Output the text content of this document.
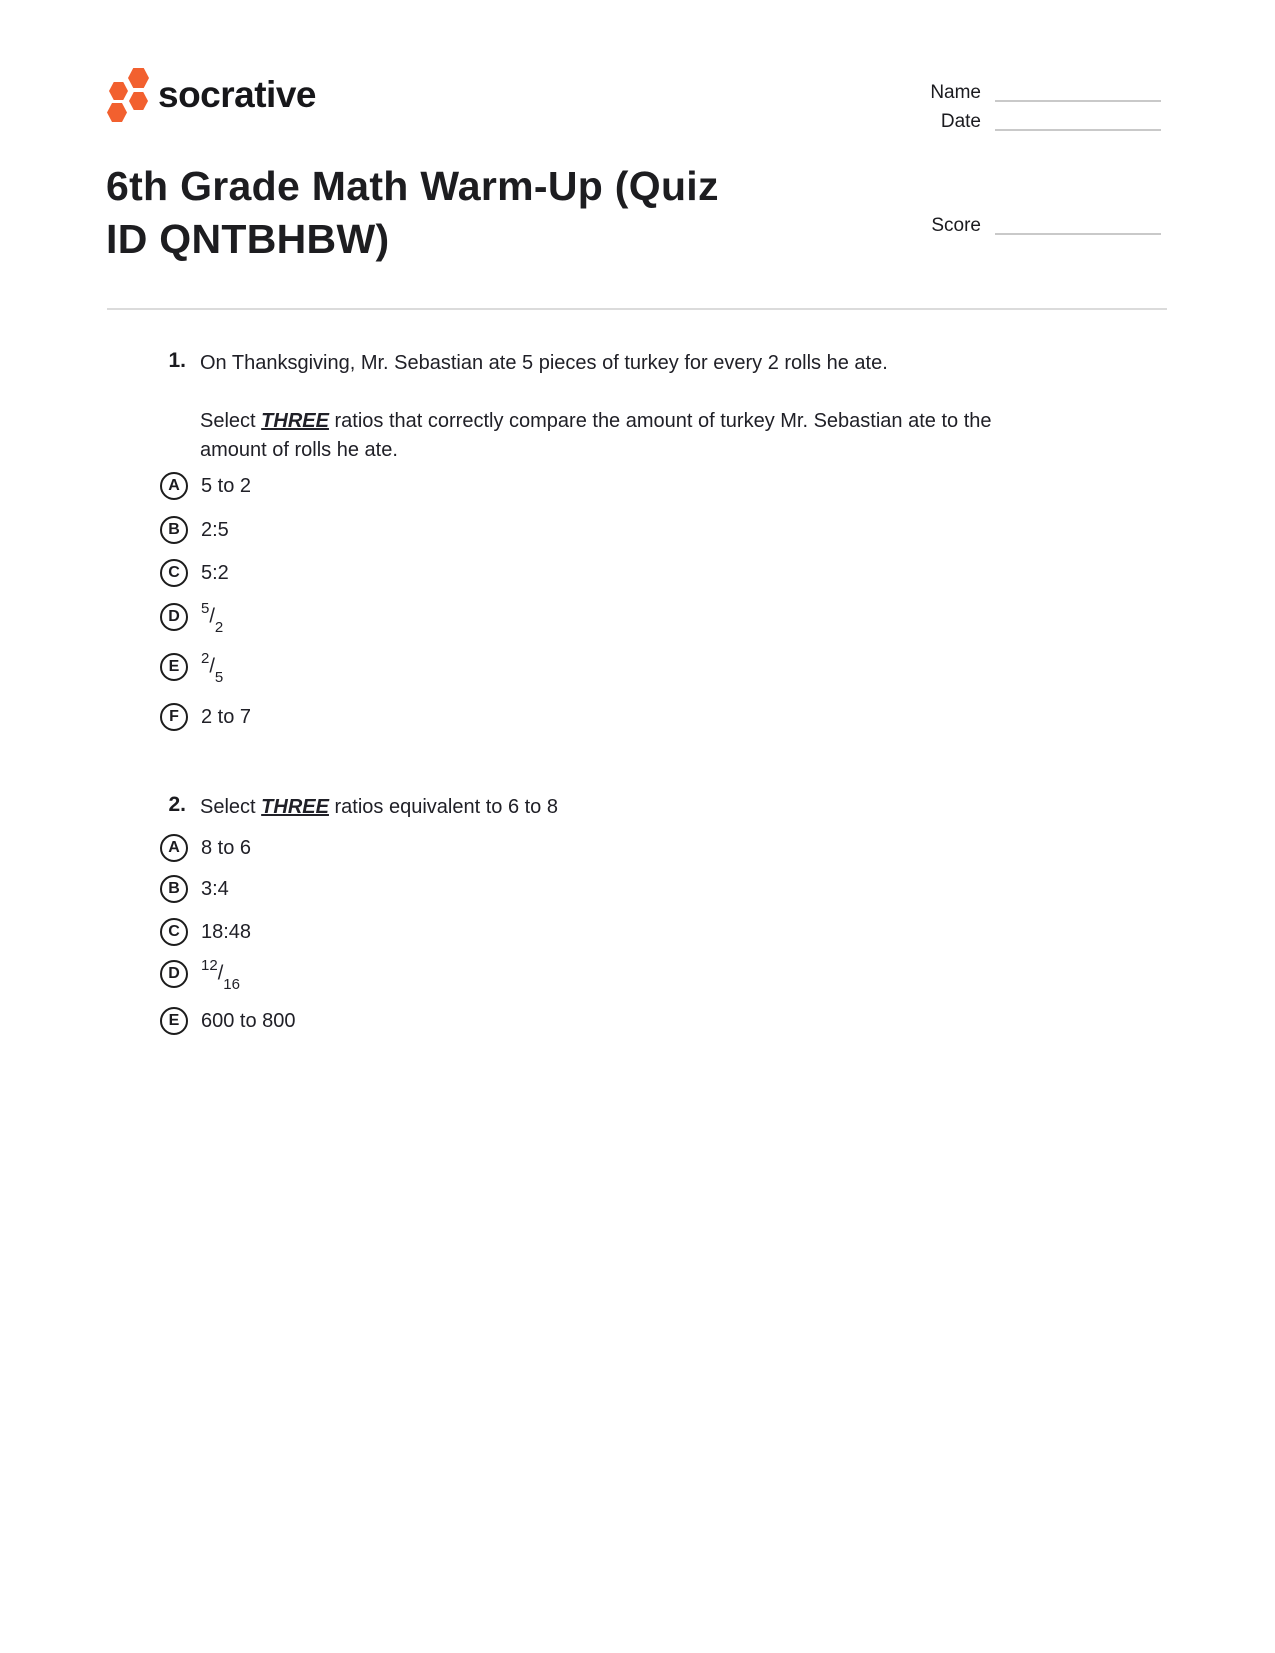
socrative	Name
Date
Score
6th Grade Math Warm-Up (Quiz
ID QNTBHBW)
1. On Thanksgiving, Mr. Sebastian ate 5 pieces of turkey for every 2 rolls he ate.
Select THREE ratios that correctly compare the amount of turkey Mr. Sebastian ate to the amount of rolls he ate.
A	5 to 2
B	2:5
C	5:2
D	$^5/_2$
E	$^2/_5$
F	2 to 7
2. Select THREE ratios equivalent to 6 to 8
A	8 to 6
B	3:4
C	18:48
D	$^{12}/_{16}$
E	600 to 800
